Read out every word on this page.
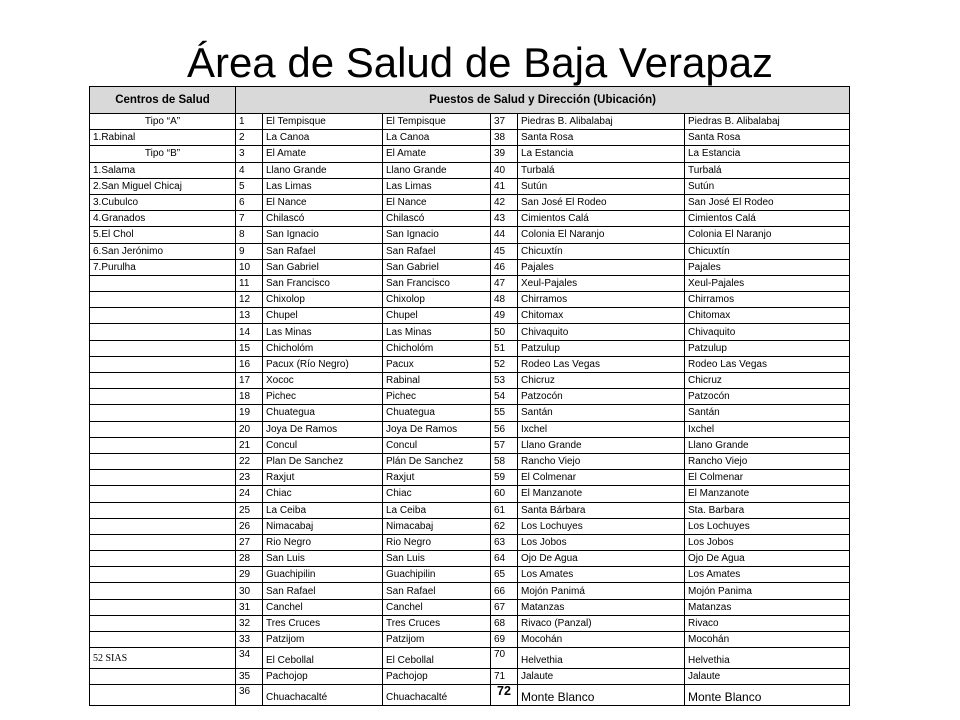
Área de Salud de Baja Verapaz
Centros de Salud	Puestos de Salud y Dirección (Ubicación)					
Tipo “A”	1	El Tempisque	El Tempisque	37	Piedras B. Alibalabaj	Piedras B. Alibalabaj
1.Rabinal	2	La Canoa	La Canoa	38	Santa Rosa	Santa Rosa
Tipo “B”	3	El Amate	El Amate	39	La Estancia	La Estancia
1.Salama	4	Llano Grande	Llano Grande	40	Turbalá	Turbalá
2.San Miguel Chicaj	5	Las Limas	Las Limas	41	Sutún	Sutún
3.Cubulco	6	El Nance	El Nance	42	San José El Rodeo	San José El Rodeo
4.Granados	7	Chilascó	Chilascó	43	Cimientos Calá	Cimientos Calá
5.El Chol	8	San Ignacio	San Ignacio	44	Colonia El Naranjo	Colonia El Naranjo
6.San Jerónimo	9	San Rafael	San Rafael	45	Chicuxtín	Chicuxtín
7.Purulha	10	San Gabriel	San Gabriel	46	Pajales	Pajales
	11	San Francisco	San Francisco	47	Xeul-Pajales	Xeul-Pajales
	12	Chixolop	Chixolop	48	Chirramos	Chirramos
	13	Chupel	Chupel	49	Chitomax	Chitomax
	14	Las Minas	Las Minas	50	Chivaquito	Chivaquito
	15	Chicholóm	Chicholóm	51	Patzulup	Patzulup
	16	Pacux (Río Negro)	Pacux	52	Rodeo Las Vegas	Rodeo Las Vegas
	17	Xococ	Rabinal	53	Chicruz	Chicruz
	18	Pichec	Pichec	54	Patzocón	Patzocón
	19	Chuategua	Chuategua	55	Santán	Santán
	20	Joya De Ramos	Joya De Ramos	56	Ixchel	Ixchel
	21	Concul	Concul	57	Llano Grande	Llano Grande
	22	Plan De Sanchez	Plán De Sanchez	58	Rancho Viejo	Rancho Viejo
	23	Raxjut	Raxjut	59	El Colmenar	El Colmenar
	24	Chiac	Chiac	60	El Manzanote	El Manzanote
	25	La Ceiba	La Ceiba	61	Santa Bárbara	Sta. Barbara
	26	Nimacabaj	Nimacabaj	62	Los Lochuyes	Los Lochuyes
	27	Rio Negro	Rio Negro	63	Los Jobos	Los Jobos
	28	San Luis	San Luis	64	Ojo De Agua	Ojo De Agua
	29	Guachipilin	Guachipilin	65	Los Amates	Los Amates
	30	San Rafael	San Rafael	66	Mojón Panimá	Mojón Panima
	31	Canchel	Canchel	67	Matanzas	Matanzas
	32	Tres Cruces	Tres Cruces	68	Rivaco (Panzal)	Rivaco
	33	Patzijom	Patzijom	69	Mocohán	Mocohán
52 SIAS	34	El Cebollal	El Cebollal	70	Helvethia	Helvethia
	35	Pachojop	Pachojop	71	Jalaute	Jalaute
	36	Chuachacalté	Chuachacalté	72	Monte Blanco	Monte Blanco
